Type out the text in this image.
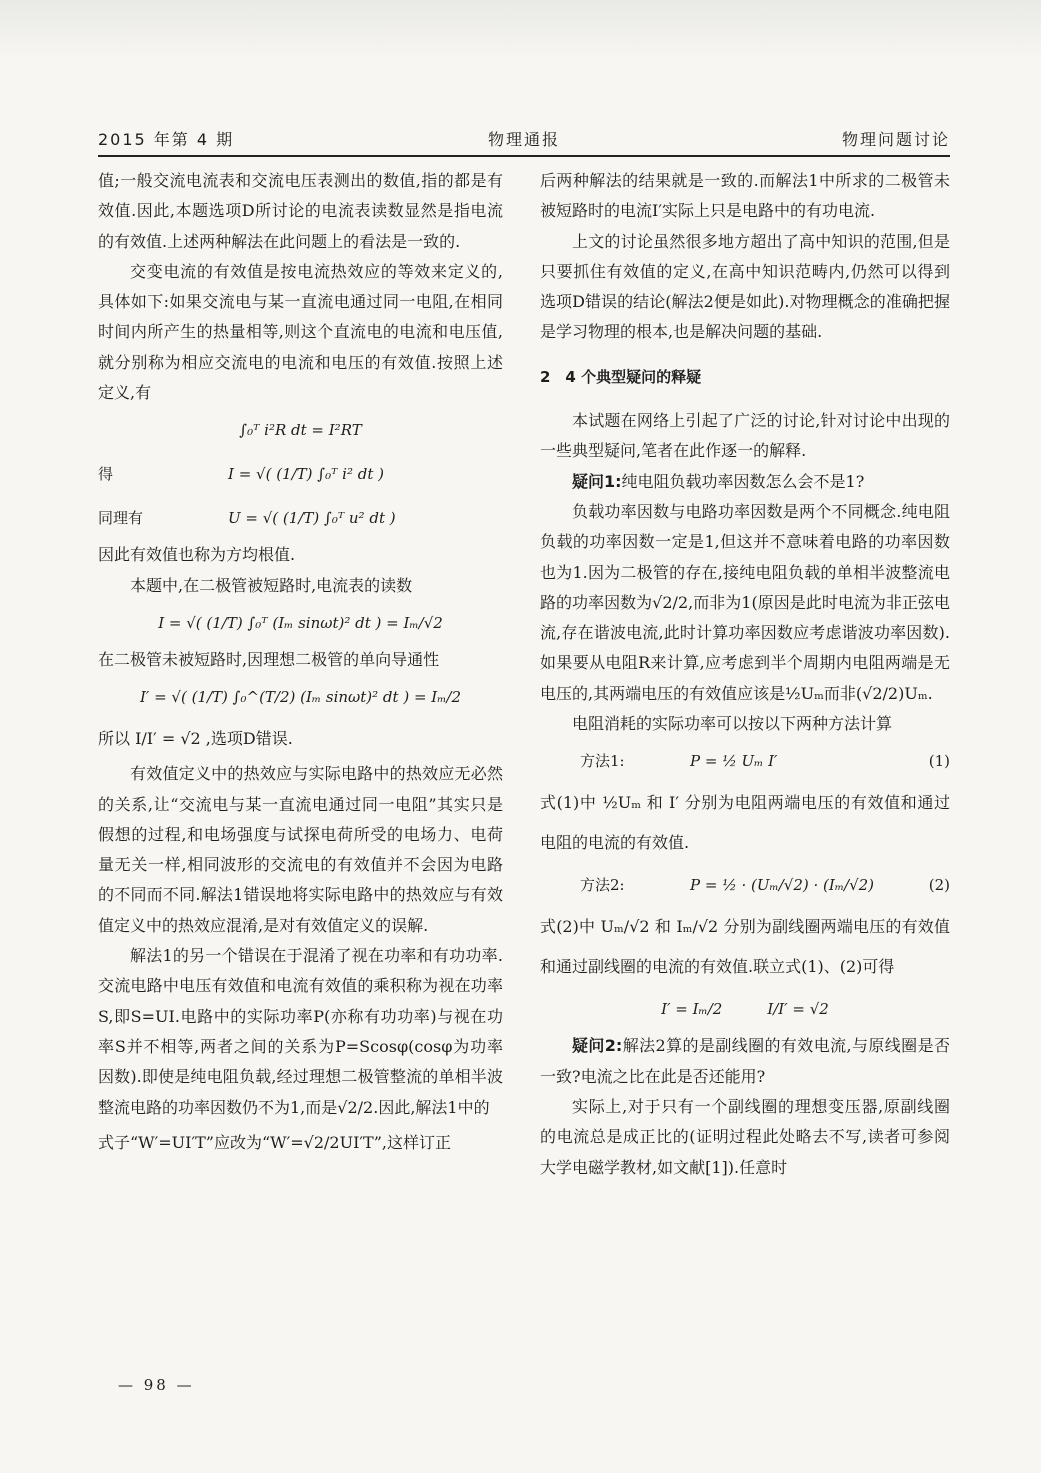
2015 年第 4 期	物理通报	物理问题讨论

值;一般交流电流表和交流电压表测出的数值,指的都是有效值.因此,本题选项D所讨论的电流表读数显然是指电流的有效值.上述两种解法在此问题上的看法是一致的.

交变电流的有效值是按电流热效应的等效来定义的,具体如下:如果交流电与某一直流电通过同一电阻,在相同时间内所产生的热量相等,则这个直流电的电流和电压值,就分别称为相应交流电的电流和电压的有效值.按照上述定义,有

∫₀ᵀ i²R dt = I²RT
得	I = √( (1/T) ∫₀ᵀ i² dt )
同理有	U = √( (1/T) ∫₀ᵀ u² dt )

因此有效值也称为方均根值.

本题中,在二极管被短路时,电流表的读数

I = √( (1/T) ∫₀ᵀ (Iₘ sinωt)² dt ) = Iₘ/√2

在二极管未被短路时,因理想二极管的单向导通性

I′ = √( (1/T) ∫₀^(T/2) (Iₘ sinωt)² dt ) = Iₘ/2

所以 I/I′ = √2 ,选项D错误.

有效值定义中的热效应与实际电路中的热效应无必然的关系,让“交流电与某一直流电通过同一电阻”其实只是假想的过程,和电场强度与试探电荷所受的电场力、电荷量无关一样,相同波形的交流电的有效值并不会因为电路的不同而不同.解法1错误地将实际电路中的热效应与有效值定义中的热效应混淆,是对有效值定义的误解.

解法1的另一个错误在于混淆了视在功率和有功功率.交流电路中电压有效值和电流有效值的乘积称为视在功率S,即S=UI.电路中的实际功率P(亦称有功功率)与视在功率S并不相等,两者之间的关系为P=Scosφ(cosφ为功率因数).即使是纯电阻负载,经过理想二极管整流的单相半波整流电路的功率因数仍不为1,而是√2/2.因此,解法1中的

式子“W′=UI′T”应改为“W′=√2/2UI′T”,这样订正

后两种解法的结果就是一致的.而解法1中所求的二极管未被短路时的电流I′实际上只是电路中的有功电流.

上文的讨论虽然很多地方超出了高中知识的范围,但是只要抓住有效值的定义,在高中知识范畴内,仍然可以得到选项D错误的结论(解法2便是如此).对物理概念的准确把握是学习物理的根本,也是解决问题的基础.

2　4 个典型疑问的释疑

本试题在网络上引起了广泛的讨论,针对讨论中出现的一些典型疑问,笔者在此作逐一的解释.

疑问1:纯电阻负载功率因数怎么会不是1?

负载功率因数与电路功率因数是两个不同概念.纯电阻负载的功率因数一定是1,但这并不意味着电路的功率因数也为1.因为二极管的存在,接纯电阻负载的单相半波整流电路的功率因数为√2/2,而非为1(原因是此时电流为非正弦电流,存在谐波电流,此时计算功率因数应考虑谐波功率因数).如果要从电阻R来计算,应考虑到半个周期内电阻两端是无电压的,其两端电压的有效值应该是½Uₘ而非(√2/2)Uₘ.

电阻消耗的实际功率可以按以下两种方法计算

方法1:	P = ½ Uₘ I′	(1)

式(1)中 ½Uₘ 和 I′ 分别为电阻两端电压的有效值和通过电阻的电流的有效值.

方法2:	P = ½ · (Uₘ/√2) · (Iₘ/√2)	(2)

式(2)中 Uₘ/√2 和 Iₘ/√2 分别为副线圈两端电压的有效值和通过副线圈的电流的有效值.联立式(1)、(2)可得

I′ = Iₘ/2　　　I/I′ = √2

疑问2:解法2算的是副线圈的有效电流,与原线圈是否一致?电流之比在此是否还能用?

实际上,对于只有一个副线圈的理想变压器,原副线圈的电流总是成正比的(证明过程此处略去不写,读者可参阅大学电磁学教材,如文献[1]).任意时

— 98 —
